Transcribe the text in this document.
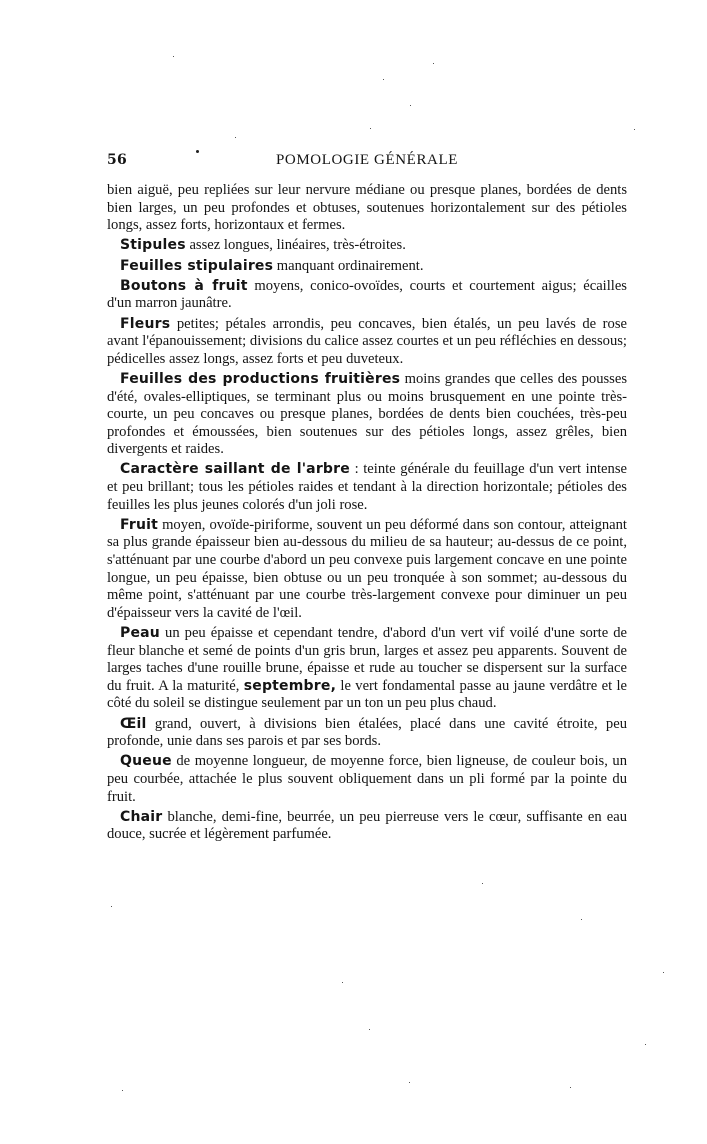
56	POMOLOGIE GÉNÉRALE

bien aiguë, peu repliées sur leur nervure médiane ou presque planes, bordées de dents bien larges, un peu profondes et obtuses, soutenues horizontalement sur des pétioles longs, assez forts, horizontaux et fermes.

Stipules assez longues, linéaires, très-étroites.

Feuilles stipulaires manquant ordinairement.

Boutons à fruit moyens, conico-ovoïdes, courts et courtement aigus; écailles d'un marron jaunâtre.

Fleurs petites; pétales arrondis, peu concaves, bien étalés, un peu lavés de rose avant l'épanouissement; divisions du calice assez courtes et un peu réfléchies en dessous; pédicelles assez longs, assez forts et peu duveteux.

Feuilles des productions fruitières moins grandes que celles des pousses d'été, ovales-elliptiques, se terminant plus ou moins brusquement en une pointe très-courte, un peu concaves ou presque planes, bordées de dents bien couchées, très-peu profondes et émoussées, bien soutenues sur des pétioles longs, assez grêles, bien divergents et raides.

Caractère saillant de l'arbre : teinte générale du feuillage d'un vert intense et peu brillant; tous les pétioles raides et tendant à la direction horizontale; pétioles des feuilles les plus jeunes colorés d'un joli rose.

Fruit moyen, ovoïde-piriforme, souvent un peu déformé dans son contour, atteignant sa plus grande épaisseur bien au-dessous du milieu de sa hauteur; au-dessus de ce point, s'atténuant par une courbe d'abord un peu convexe puis largement concave en une pointe longue, un peu épaisse, bien obtuse ou un peu tronquée à son sommet; au-dessous du même point, s'atténuant par une courbe très-largement convexe pour diminuer un peu d'épaisseur vers la cavité de l'œil.

Peau un peu épaisse et cependant tendre, d'abord d'un vert vif voilé d'une sorte de fleur blanche et semé de points d'un gris brun, larges et assez peu apparents. Souvent de larges taches d'une rouille brune, épaisse et rude au toucher se dispersent sur la surface du fruit. A la maturité, septembre, le vert fondamental passe au jaune verdâtre et le côté du soleil se distingue seulement par un ton un peu plus chaud.

Œil grand, ouvert, à divisions bien étalées, placé dans une cavité étroite, peu profonde, unie dans ses parois et par ses bords.

Queue de moyenne longueur, de moyenne force, bien ligneuse, de couleur bois, un peu courbée, attachée le plus souvent obliquement dans un pli formé par la pointe du fruit.

Chair blanche, demi-fine, beurrée, un peu pierreuse vers le cœur, suffisante en eau douce, sucrée et légèrement parfumée.
